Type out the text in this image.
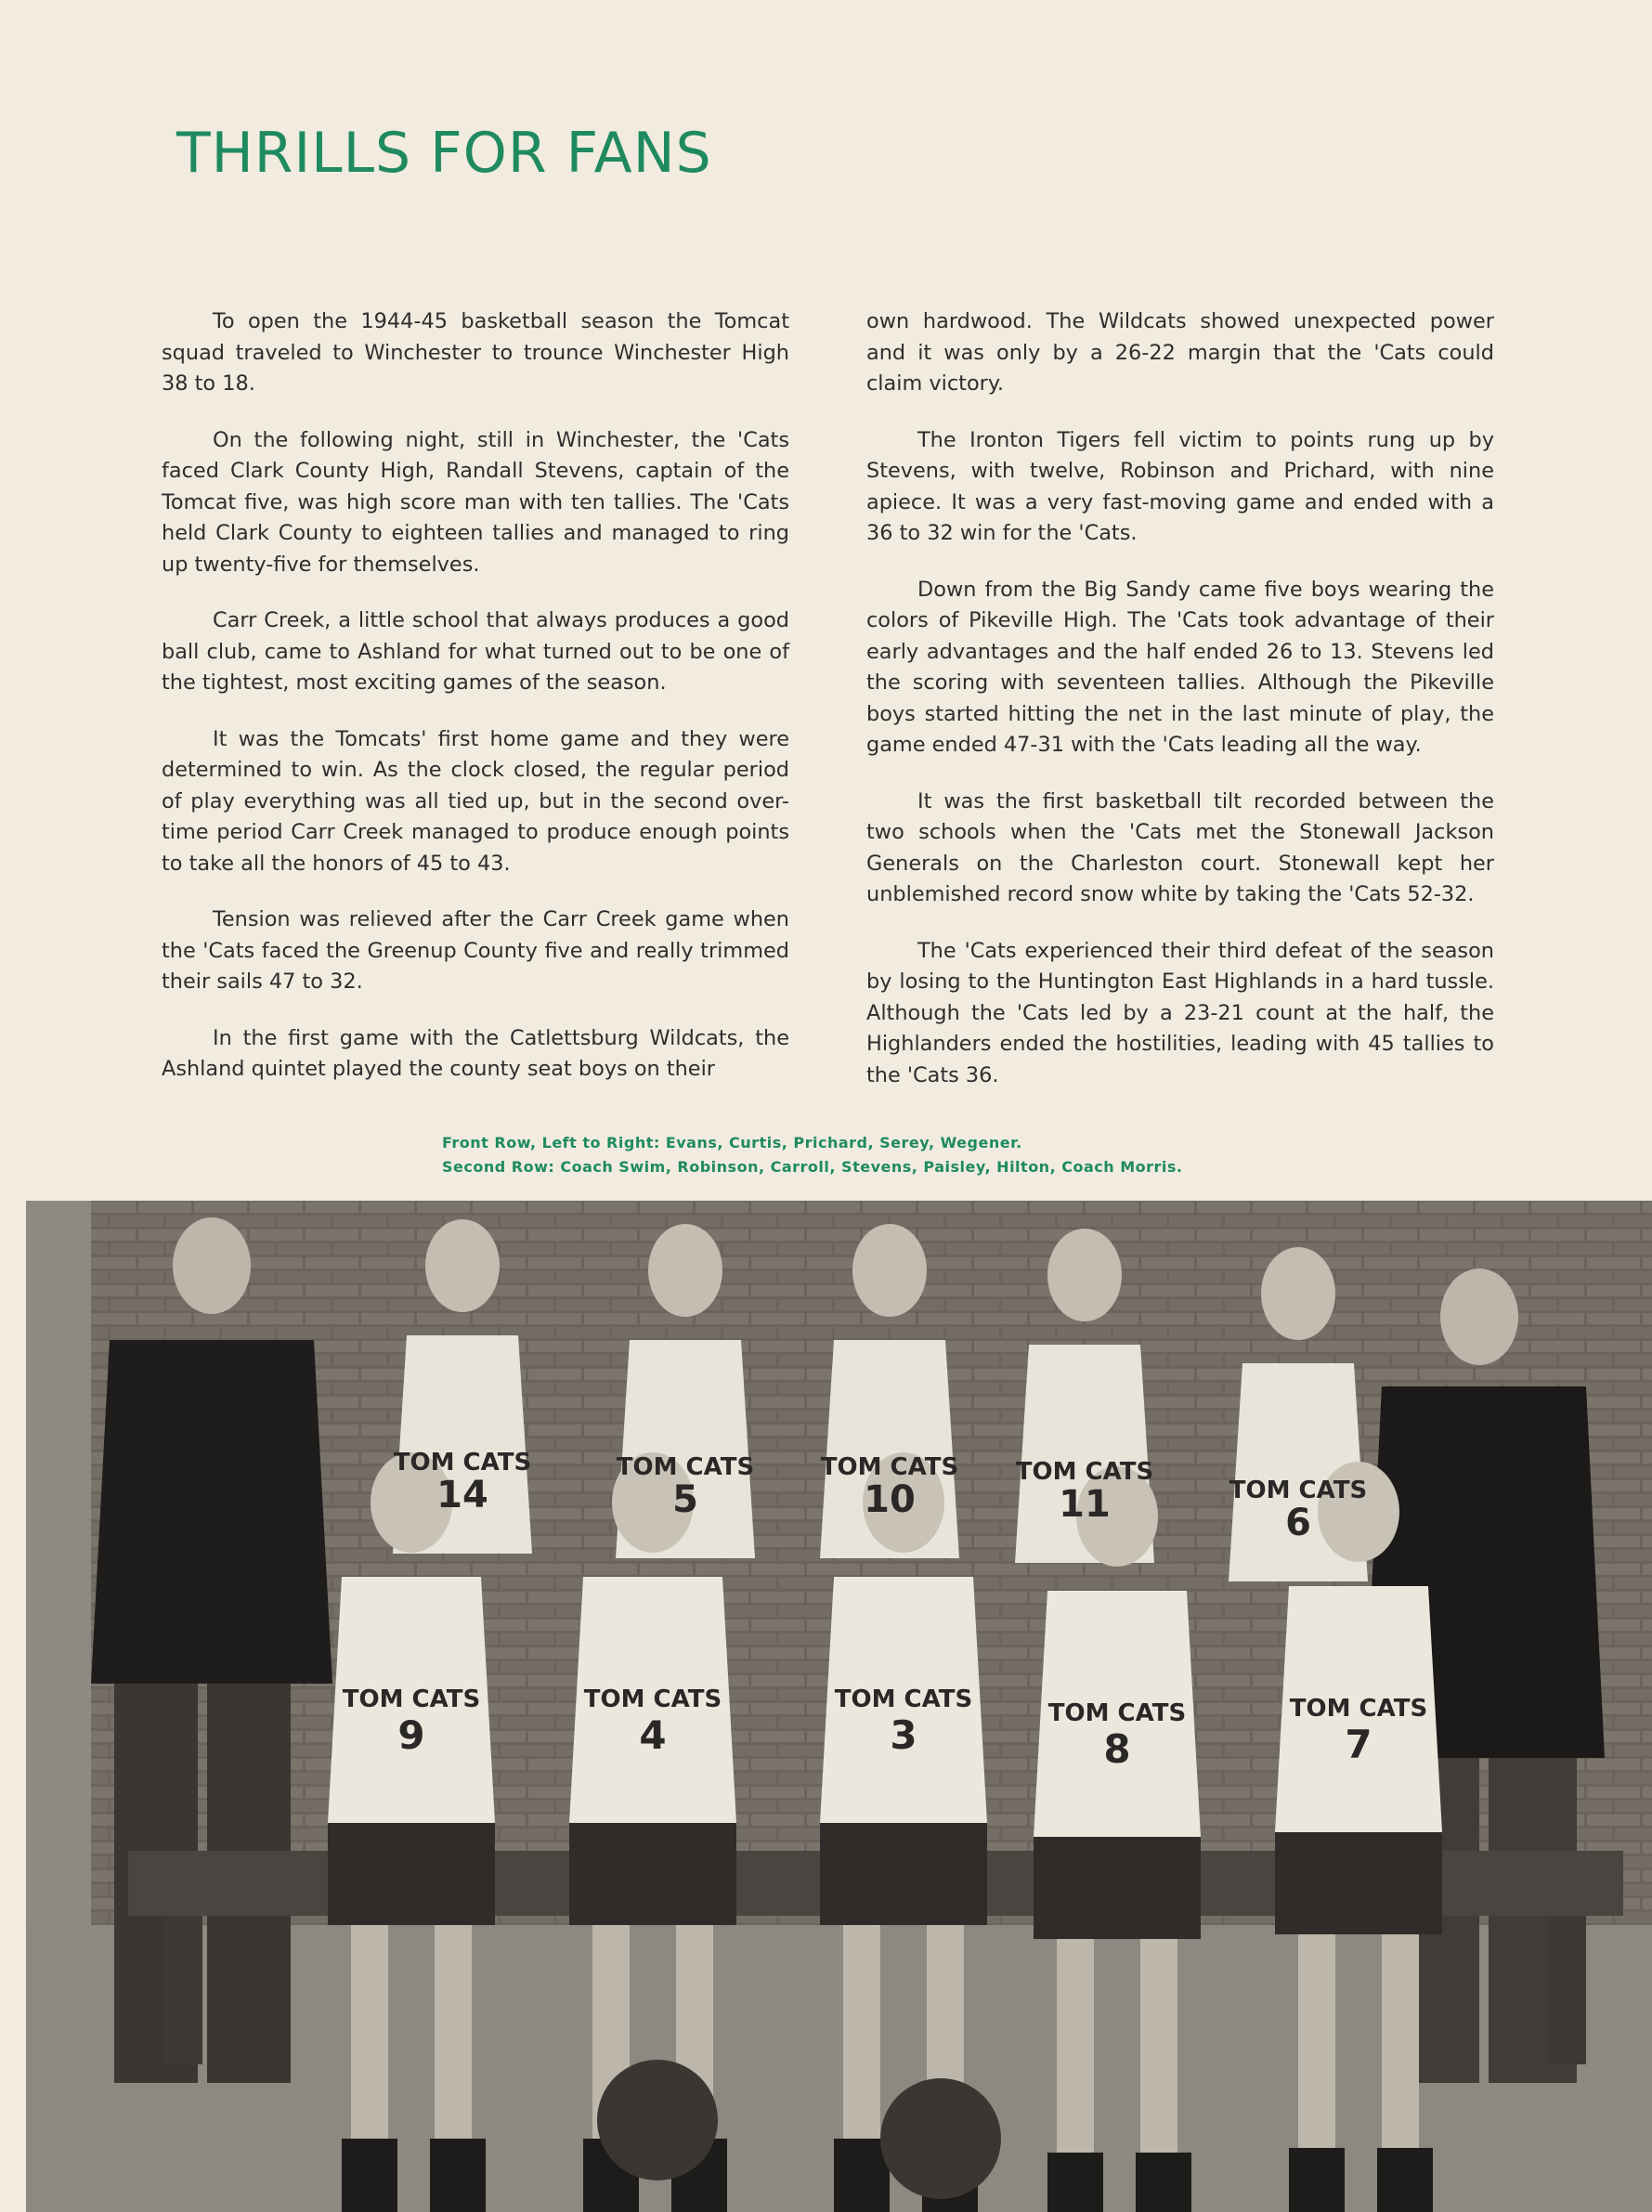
THRILLS FOR FANS

To open the 1944-45 basketball season the Tomcat squad traveled to Winchester to trounce Winchester High 38 to 18.

On the following night, still in Winchester, the 'Cats faced Clark County High, Randall Stevens, captain of the Tomcat five, was high score man with ten tallies. The 'Cats held Clark County to eighteen tallies and managed to ring up twenty-five for themselves.

Carr Creek, a little school that always produces a good ball club, came to Ashland for what turned out to be one of the tightest, most exciting games of the season.

It was the Tomcats' first home game and they were determined to win. As the clock closed, the regular period of play everything was all tied up, but in the second over-time period Carr Creek managed to produce enough points to take all the honors of 45 to 43.

Tension was relieved after the Carr Creek game when the 'Cats faced the Greenup County five and really trimmed their sails 47 to 32.

In the first game with the Catlettsburg Wildcats, the Ashland quintet played the county seat boys on their

own hardwood. The Wildcats showed unexpected power and it was only by a 26-22 margin that the 'Cats could claim victory.

The Ironton Tigers fell victim to points rung up by Stevens, with twelve, Robinson and Prichard, with nine apiece. It was a very fast-moving game and ended with a 36 to 32 win for the 'Cats.

Down from the Big Sandy came five boys wearing the colors of Pikeville High. The 'Cats took advantage of their early advantages and the half ended 26 to 13. Stevens led the scoring with seventeen tallies. Although the Pikeville boys started hitting the net in the last minute of play, the game ended 47-31 with the 'Cats leading all the way.

It was the first basketball tilt recorded between the two schools when the 'Cats met the Stonewall Jackson Generals on the Charleston court. Stonewall kept her unblemished record snow white by taking the 'Cats 52-32.

The 'Cats experienced their third defeat of the season by losing to the Huntington East Highlands in a hard tussle. Although the 'Cats led by a 23-21 count at the half, the Highlanders ended the hostilities, leading with 45 tallies to the 'Cats 36.

Front Row, Left to Right: Evans, Curtis, Prichard, Serey, Wegener.
Second Row: Coach Swim, Robinson, Carroll, Stevens, Paisley, Hilton, Coach Morris.
TOM CATS
14
TOM CATS
5
TOM CATS
10
TOM CATS
11	TOM CATS
6
TOM CATS
9
TOM CATS
4
TOM CATS
3	TOM CATS
8
TOM CATS
7
